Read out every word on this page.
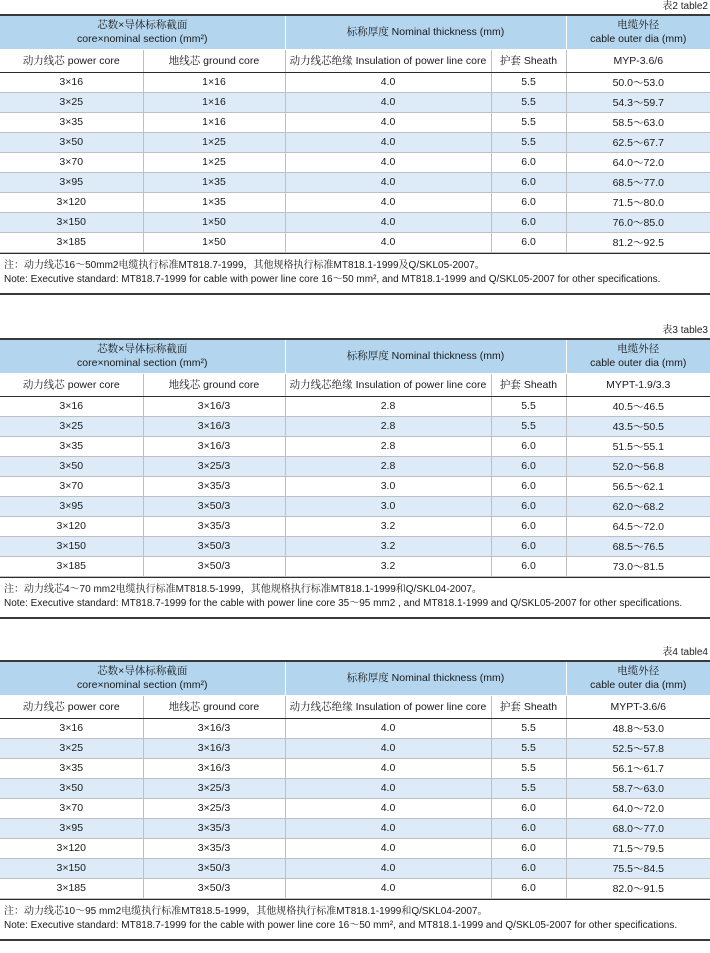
表2 table2
芯数×导体标称截面
core×nominal section (mm²)		标称厚度 Nominal thickness (mm)		电缆外径
cable outer dia (mm)
动力线芯 power core	地线芯 ground core	动力线芯绝缘 Insulation of power line core	护套 Sheath	MYP-3.6/6
3×16	1×16	4.0	5.5	50.0～53.0
3×25	1×16	4.0	5.5	54.3～59.7
3×35	1×16	4.0	5.5	58.5～63.0
3×50	1×25	4.0	5.5	62.5～67.7
3×70	1×25	4.0	6.0	64.0～72.0
3×95	1×35	4.0	6.0	68.5～77.0
3×120	1×35	4.0	6.0	71.5～80.0
3×150	1×50	4.0	6.0	76.0～85.0
3×185	1×50	4.0	6.0	81.2～92.5
注：动力线芯16～50mm2电缆执行标准MT818.7-1999，其他规格执行标准MT818.1-1999及Q/SKL05-2007。
Note: Executive standard: MT818.7-1999 for cable with power line core 16～50 mm², and MT818.1-1999 and Q/SKL05-2007 for other specifications.
表3 table3
芯数×导体标称截面
core×nominal section (mm²)		标称厚度 Nominal thickness (mm)		电缆外径
cable outer dia (mm)
动力线芯 power core	地线芯 ground core	动力线芯绝缘 Insulation of power line core	护套 Sheath	MYPT-1.9/3.3
3×16	3×16/3	2.8	5.5	40.5～46.5
3×25	3×16/3	2.8	5.5	43.5～50.5
3×35	3×16/3	2.8	6.0	51.5～55.1
3×50	3×25/3	2.8	6.0	52.0～56.8
3×70	3×35/3	3.0	6.0	56.5～62.1
3×95	3×50/3	3.0	6.0	62.0～68.2
3×120	3×35/3	3.2	6.0	64.5～72.0
3×150	3×50/3	3.2	6.0	68.5～76.5
3×185	3×50/3	3.2	6.0	73.0～81.5
注：动力线芯4～70 mm2电缆执行标准MT818.5-1999，其他规格执行标准MT818.1-1999和Q/SKL04-2007。
Note: Executive standard: MT818.7-1999 for the cable with power line core 35～95 mm2 , and MT818.1-1999 and Q/SKL05-2007 for other specifications.
表4 table4
芯数×导体标称截面
core×nominal section (mm²)		标称厚度 Nominal thickness (mm)		电缆外径
cable outer dia (mm)
动力线芯 power core	地线芯 ground core	动力线芯绝缘 Insulation of power line core	护套 Sheath	MYPT-3.6/6
3×16	3×16/3	4.0	5.5	48.8～53.0
3×25	3×16/3	4.0	5.5	52.5～57.8
3×35	3×16/3	4.0	5.5	56.1～61.7
3×50	3×25/3	4.0	5.5	58.7～63.0
3×70	3×25/3	4.0	6.0	64.0～72.0
3×95	3×35/3	4.0	6.0	68.0～77.0
3×120	3×35/3	4.0	6.0	71.5～79.5
3×150	3×50/3	4.0	6.0	75.5～84.5
3×185	3×50/3	4.0	6.0	82.0～91.5
注：动力线芯10～95 mm2电缆执行标准MT818.5-1999，其他规格执行标准MT818.1-1999和Q/SKL04-2007。
Note: Executive standard: MT818.7-1999 for the cable with power line core 16～50 mm², and MT818.1-1999 and Q/SKL05-2007 for other specifications.
